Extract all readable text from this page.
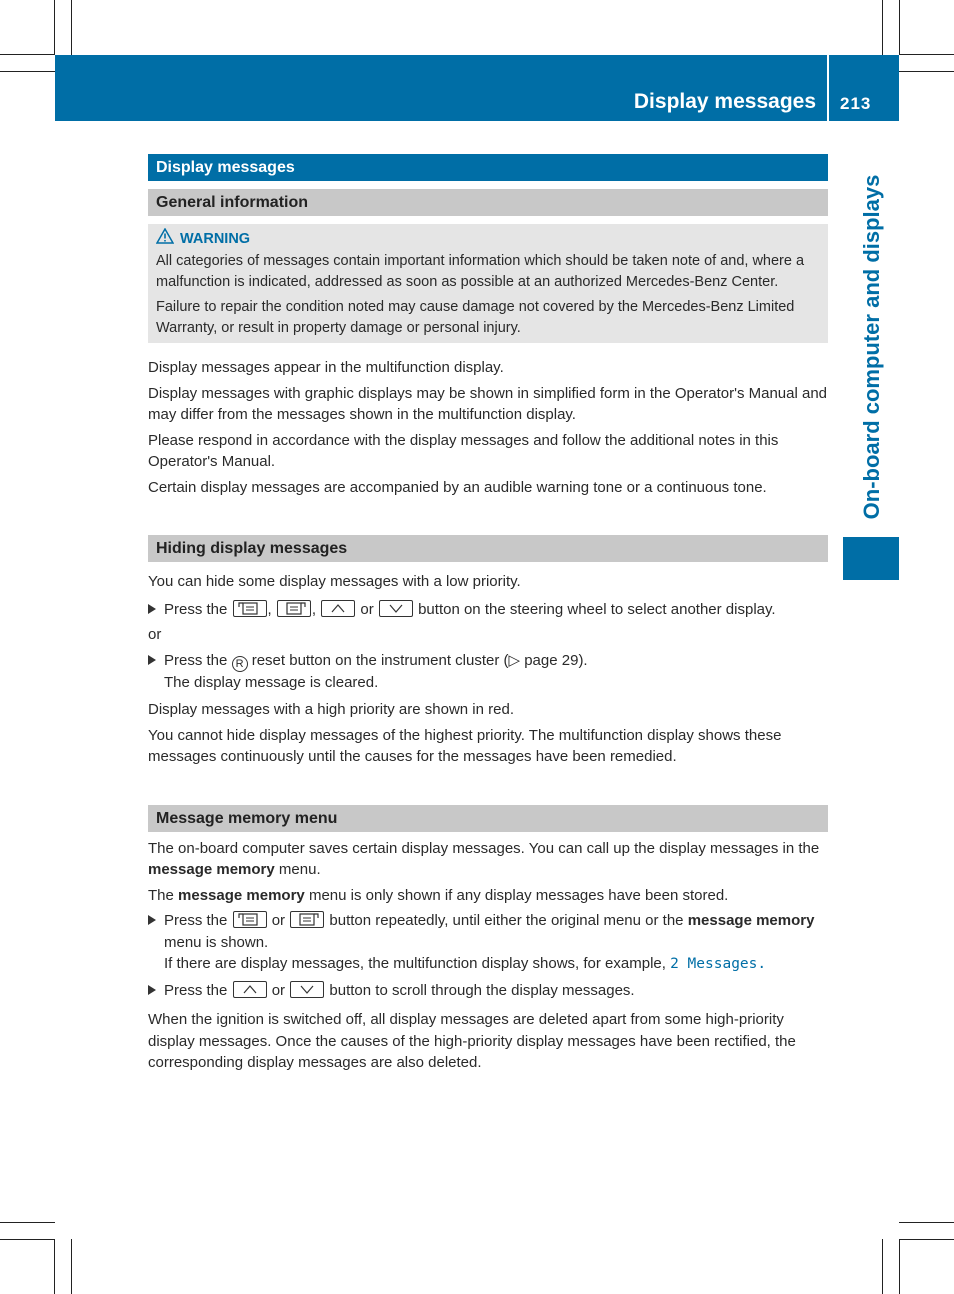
Display messages 213
On-board computer and displays
Display messages
General information
WARNING

All categories of messages contain important information which should be taken note of and, where a malfunction is indicated, addressed as soon as possible at an authorized Mercedes-Benz Center.

Failure to repair the condition noted may cause damage not covered by the Mercedes-Benz Limited Warranty, or result in property damage or personal injury.

Display messages appear in the multifunction display.

Display messages with graphic displays may be shown in simplified form in the Operator's Manual and may differ from the messages shown in the multifunction display.

Please respond in accordance with the display messages and follow the additional notes in this Operator's Manual.

Certain display messages are accompanied by an audible warning tone or a continuous tone.

Hiding display messages

You can hide some display messages with a low priority.

Press the	,	,	or	button on the steering wheel to select another display.

or

Press the R reset button on the instrument cluster (▷ page 29).

The display message is cleared.

Display messages with a high priority are shown in red.

You cannot hide display messages of the highest priority. The multifunction display shows these messages continuously until the causes for the messages have been remedied.

Message memory menu

The on-board computer saves certain display messages. You can call up the display messages in the message memory menu.

The message memory menu is only shown if any display messages have been stored.

Press the	or	button repeatedly, until either the original menu or the message memory menu is shown.

If there are display messages, the multifunction display shows, for example, 2 Messages.

Press the	or	button to scroll through the display messages.

When the ignition is switched off, all display messages are deleted apart from some high-priority display messages. Once the causes of the high-priority display messages have been rectified, the corresponding display messages are also deleted.
